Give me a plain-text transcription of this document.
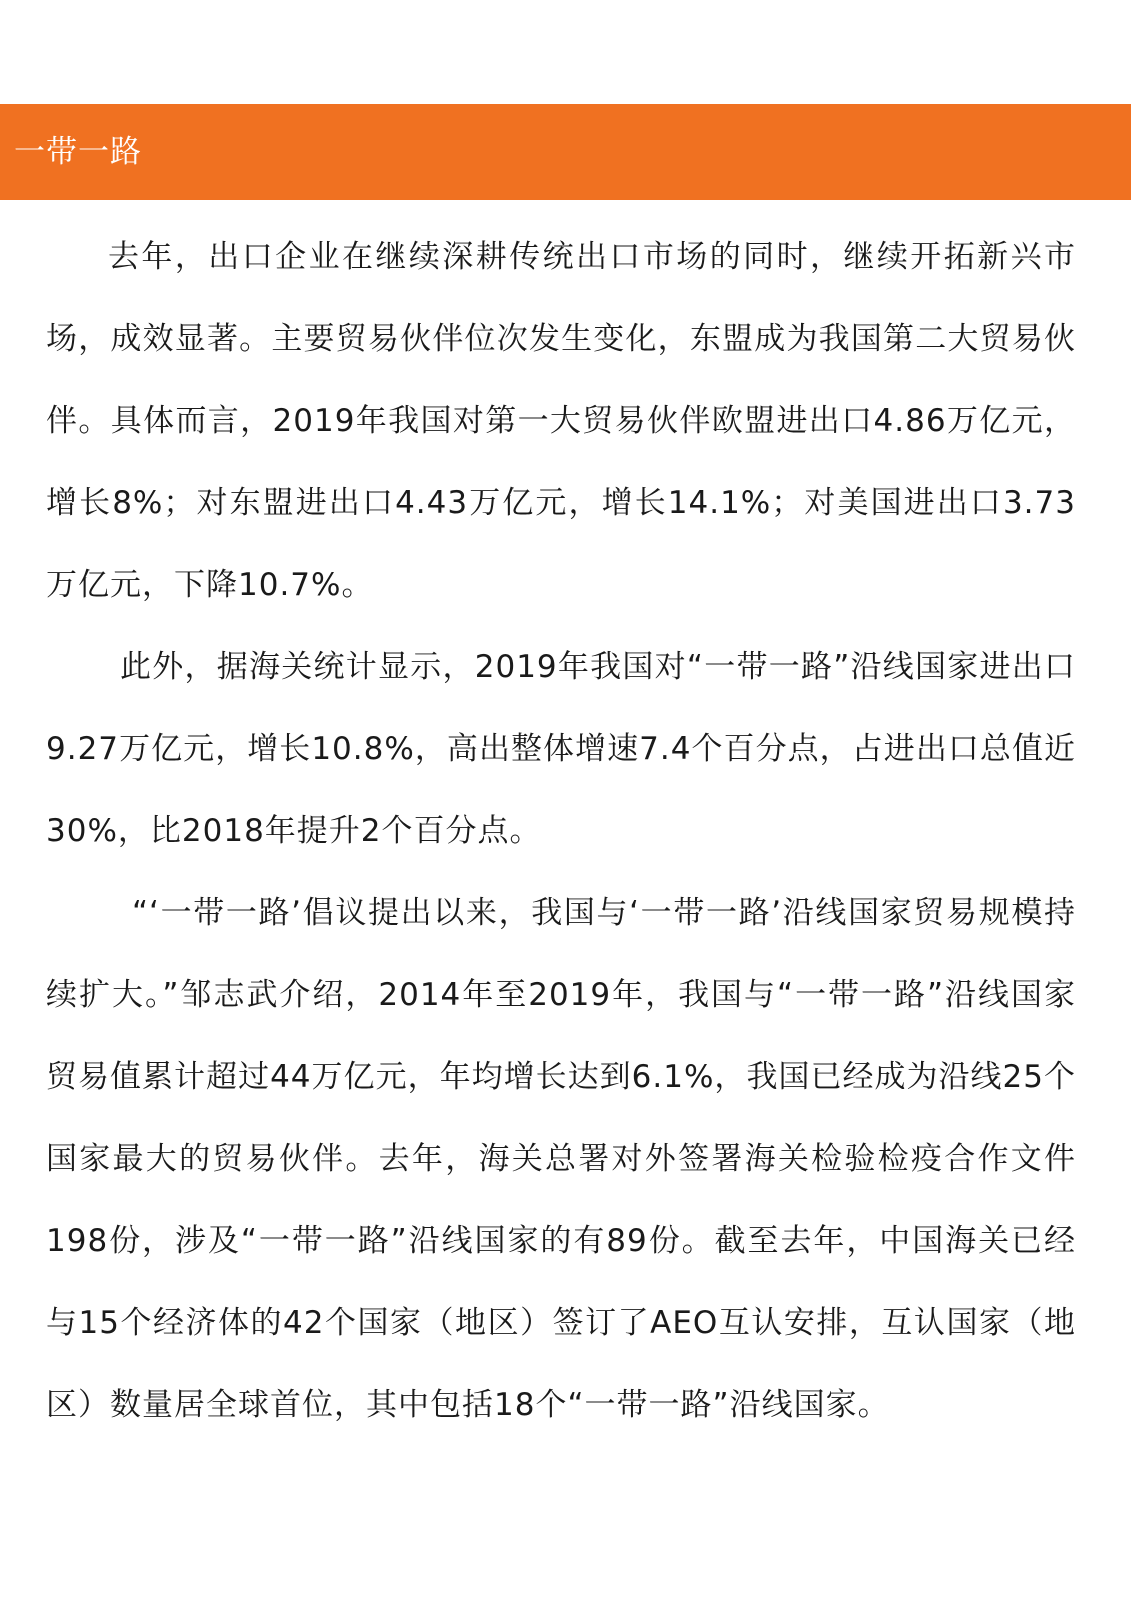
一带一路

去年，出口企业在继续深耕传统出口市场的同时，继续开拓新兴市场，成效显著。主要贸易伙伴位次发生变化，东盟成为我国第二大贸易伙伴。具体而言，2019年我国对第一大贸易伙伴欧盟进出口4.86万亿元，增长8%；对东盟进出口4.43万亿元，增长14.1%；对美国进出口3.73万亿元，下降10.7%。

此外，据海关统计显示，2019年我国对“一带一路”沿线国家进出口9.27万亿元，增长10.8%，高出整体增速7.4个百分点，占进出口总值近30%，比2018年提升2个百分点。

“‘一带一路’倡议提出以来，我国与‘一带一路’沿线国家贸易规模持续扩大。”邹志武介绍，2014年至2019年，我国与“一带一路”沿线国家贸易值累计超过44万亿元，年均增长达到6.1%，我国已经成为沿线25个国家最大的贸易伙伴。去年，海关总署对外签署海关检验检疫合作文件198份，涉及“一带一路”沿线国家的有89份。截至去年，中国海关已经与15个经济体的42个国家（地区）签订了AEO互认安排，互认国家（地区）数量居全球首位，其中包括18个“一带一路”沿线国家。
